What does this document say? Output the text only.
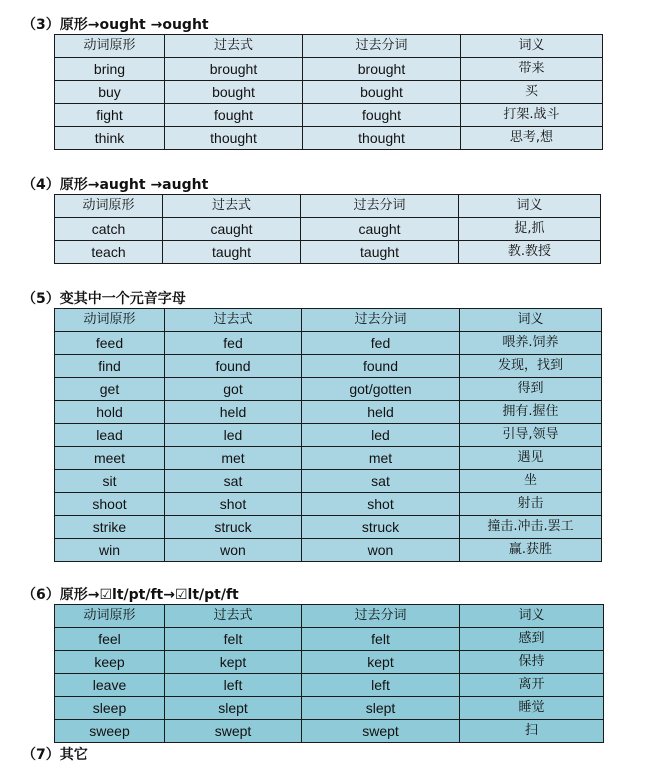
（3）原形→ought →ought
动词原形	过去式	过去分词	词义
bring	brought	brought	带来
buy	bought	bought	买
fight	fought	fought	打架.战斗
think	thought	thought	思考,想
（4）原形→aught →aught
动词原形	过去式	过去分词	词义
catch	caught	caught	捉,抓
teach	taught	taught	教.教授
（5）变其中一个元音字母
动词原形	过去式	过去分词	词义
feed	fed	fed	喂养.饲养
find	found	found	发现，找到
get	got	got/gotten	得到
hold	held	held	拥有.握住
lead	led	led	引导,领导
meet	met	met	遇见
sit	sat	sat	坐
shoot	shot	shot	射击
strike	struck	struck	撞击.冲击.罢工
win	won	won	赢.获胜
（6）原形→☑lt/pt/ft→☑lt/pt/ft
动词原形	过去式	过去分词	词义
feel	felt	felt	感到
keep	kept	kept	保持
leave	left	left	离开
sleep	slept	slept	睡觉
sweep	swept	swept	扫
（7）其它
